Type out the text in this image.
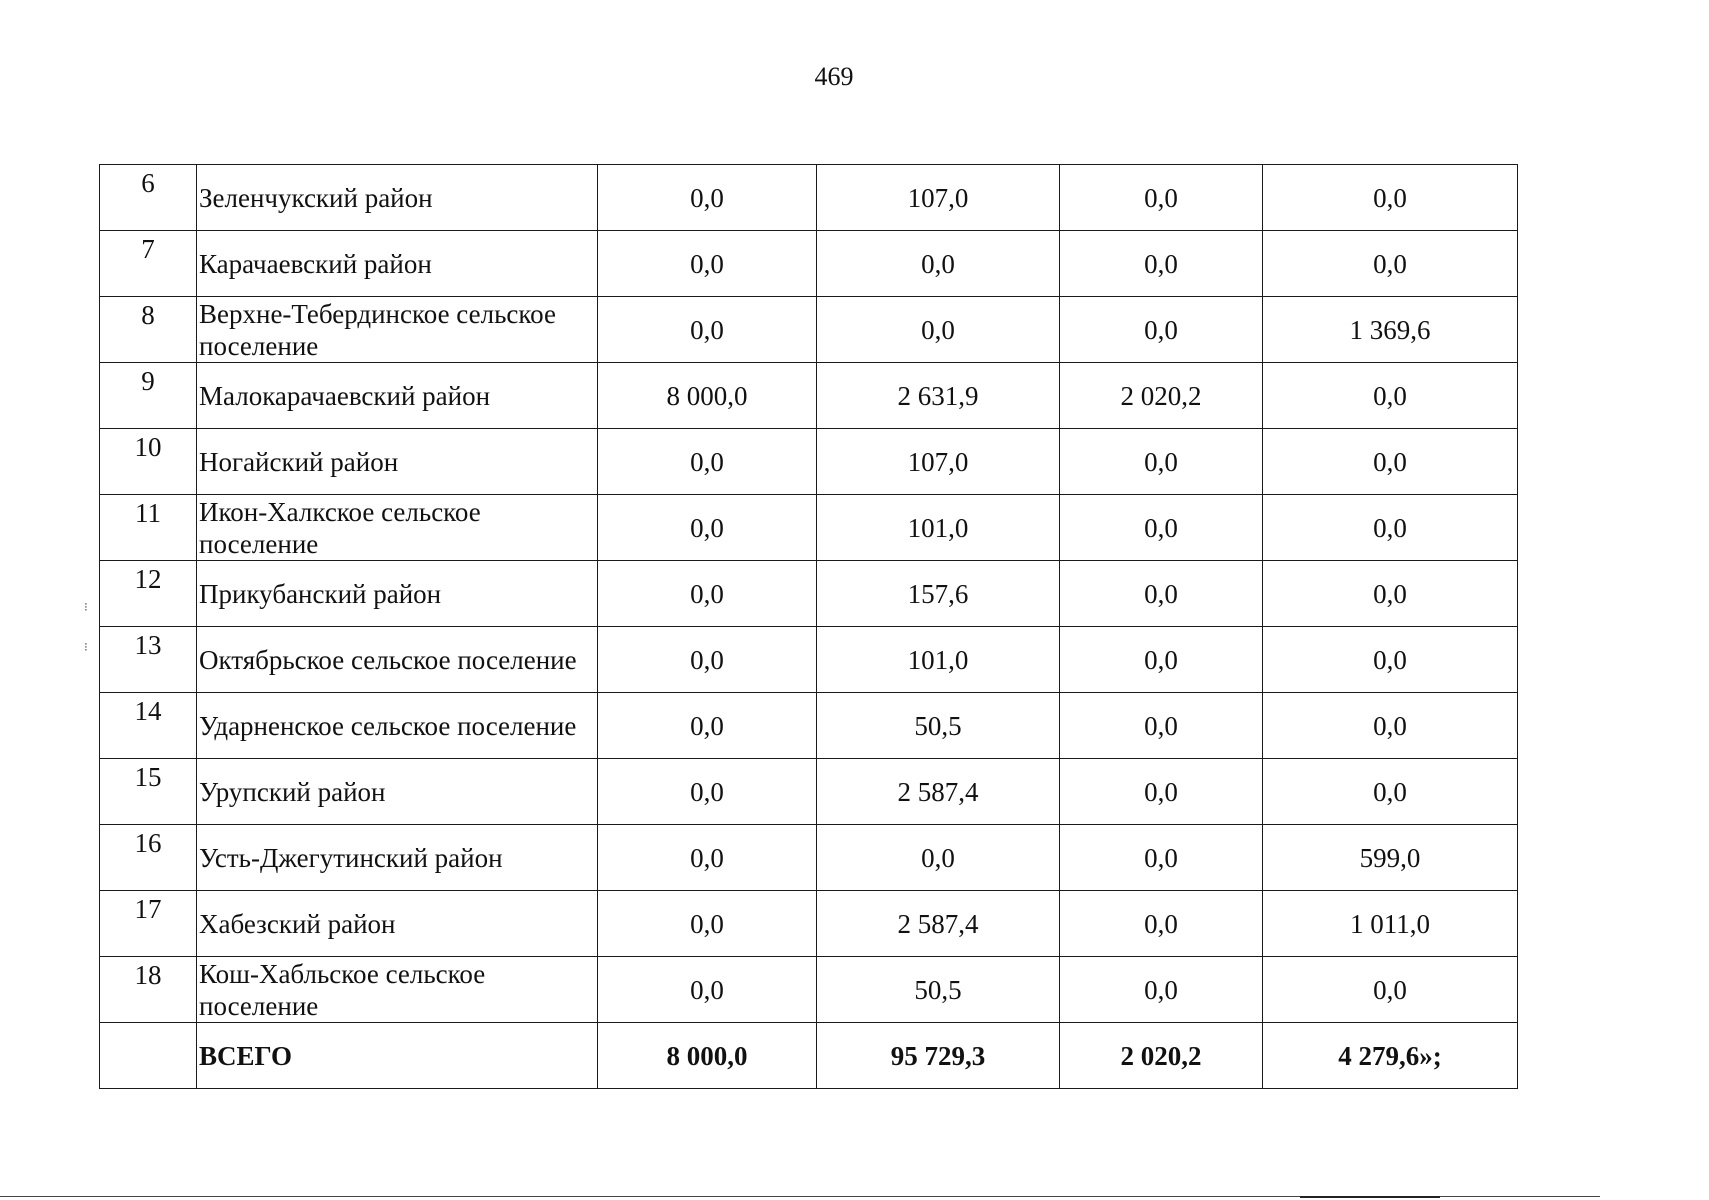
469
6	Зеленчукский район	0,0	107,0	0,0	0,0
7	Карачаевский район	0,0	0,0	0,0	0,0
8	Верхне-Тебердинское сельское поселение	0,0	0,0	0,0	1 369,6
9	Малокарачаевский район	8 000,0	2 631,9	2 020,2	0,0
10	Ногайский район	0,0	107,0	0,0	0,0
11	Икон-Халкское сельское поселение	0,0	101,0	0,0	0,0
12	Прикубанский район	0,0	157,6	0,0	0,0
13	Октябрьское сельское поселение	0,0	101,0	0,0	0,0
14	Ударненское сельское поселение	0,0	50,5	0,0	0,0
15	Урупский район	0,0	2 587,4	0,0	0,0
16	Усть-Джегутинский район	0,0	0,0	0,0	599,0
17	Хабезский район	0,0	2 587,4	0,0	1 011,0
18	Кош-Хабльское сельское поселение	0,0	50,5	0,0	0,0
	ВСЕГО	8 000,0	95 729,3	2 020,2	4 279,6»;
⁝
⁝
